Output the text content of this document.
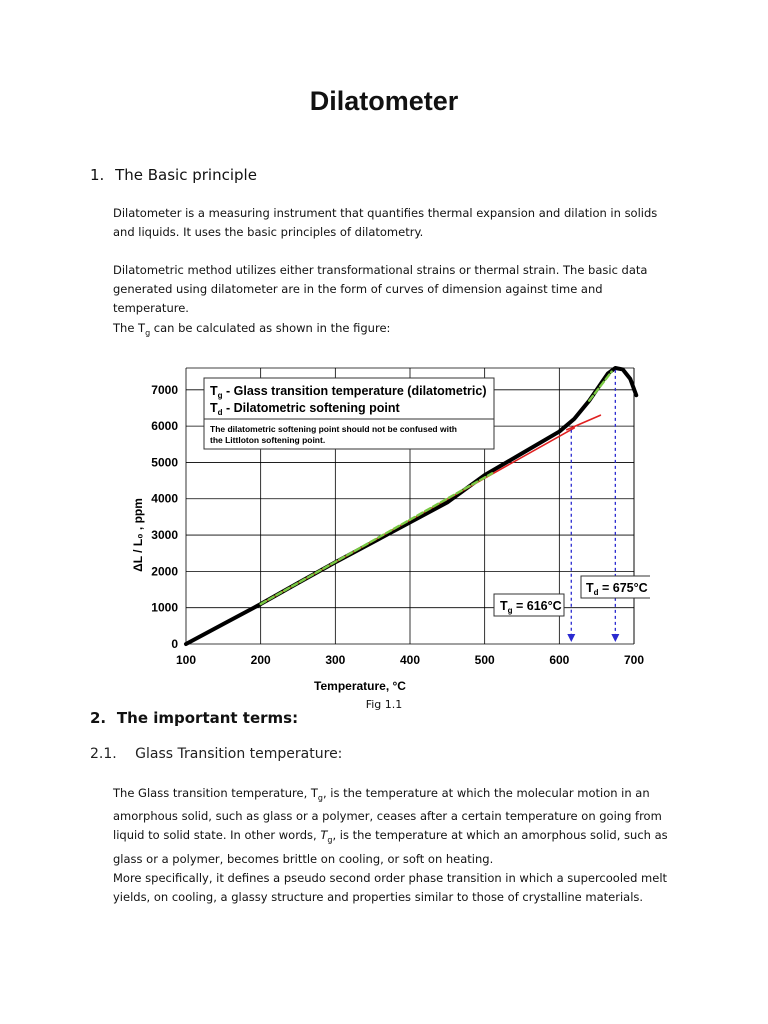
Dilatometer
1. The Basic principle

Dilatometer is a measuring instrument that quantifies thermal expansion and dilation in solids and liquids. It uses the basic principles of dilatometry.

Dilatometric method utilizes either transformational strains or thermal strain. The basic data generated using dilatometer are in the form of curves of dimension against time and temperature.

The $T_g$ can be calculated as shown in the figure:

100	200	300	400	500	600	700
0
1000
2000
3000
4000
5000
6000
7000	$T_g$ - Glass transition temperature (dilatometric)
$T_d$ - Dilatometric softening point
The dilatometric softening point should not be confused with
the Littloton softening point.
$T_g = 616^\circ C$
$T_d = 675^\circ C$
Temperature, °C
ΔL / L₀ , ppm
Fig 1.1
2. The important terms:
2.1. Glass Transition temperature:

The Glass transition temperature, $T_g$, is the temperature at which the molecular motion in an amorphous solid, such as glass or a polymer, ceases after a certain temperature on going from liquid to solid state. In other words, $T_g$, is the temperature at which an amorphous solid, such as glass or a polymer, becomes brittle on cooling, or soft on heating.

More specifically, it defines a pseudo second order phase transition in which a supercooled melt yields, on cooling, a glassy structure and properties similar to those of crystalline materials.
